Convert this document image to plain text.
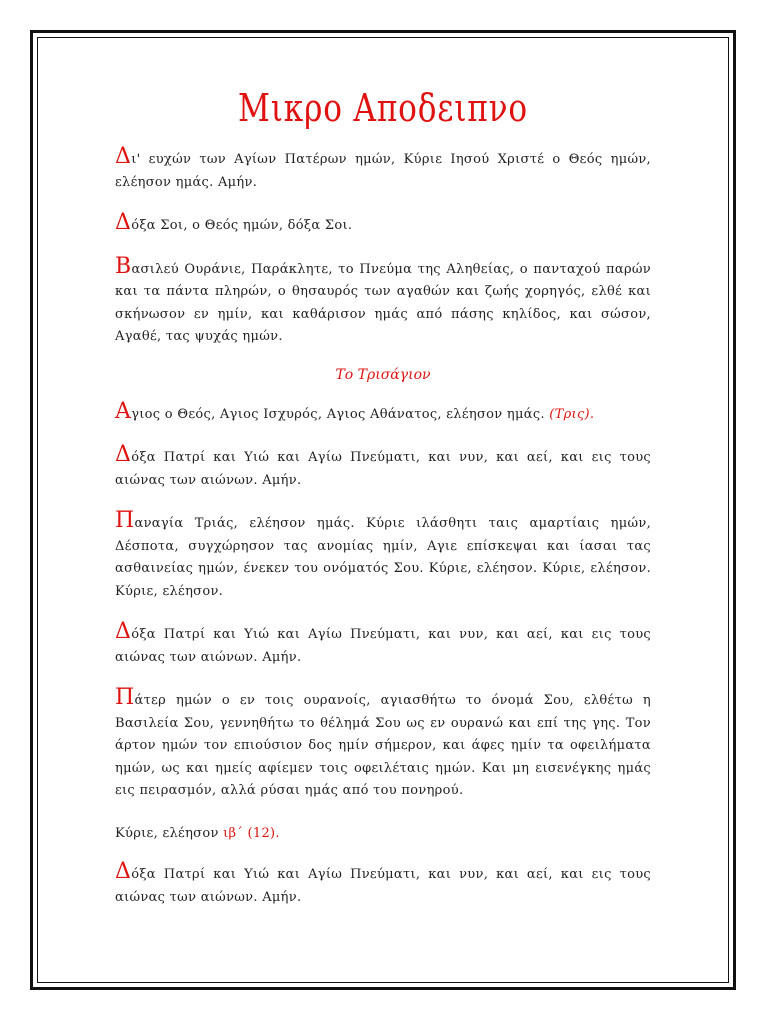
Μικρο Αποδειπνο

Δι' ευχών των Αγίων Πατέρων ημών, Κύριε Ιησού Χριστέ ο Θεός ημών, ελέησον ημάς. Αμήν.

Δόξα Σοι, ο Θεός ημών, δόξα Σοι.

Βασιλεύ Ουράνιε, Παράκλητε, το Πνεύμα της Αληθείας, ο πανταχού παρών και τα πάντα πληρών, ο θησαυρός των αγαθών και ζωής χορηγός, ελθέ και σκήνωσον εν ημίν, και καθάρισον ημάς από πάσης κηλίδος, και σώσον, Αγαθέ, τας ψυχάς ημών.

Το Τρισάγιον

Αγιος ο Θεός, Αγιος Ισχυρός, Αγιος Αθάνατος, ελέησον ημάς. (Τρις).

Δόξα Πατρί και Υιώ και Αγίω Πνεύματι, και νυν, και αεί, και εις τους αιώνας των αιώνων. Αμήν.

Παναγία Τριάς, ελέησον ημάς. Κύριε ιλάσθητι ταις αμαρτίαις ημών, Δέσποτα, συγχώρησον τας ανομίας ημίν, Αγιε επίσκεψαι και ίασαι τας ασθαινείας ημών, ένεκεν του ονόματός Σου. Κύριε, ελέησον. Κύριε, ελέησον. Κύριε, ελέησον.

Δόξα Πατρί και Υιώ και Αγίω Πνεύματι, και νυν, και αεί, και εις τους αιώνας των αιώνων. Αμήν.

Πάτερ ημών ο εν τοις ουρανοίς, αγιασθήτω το όνομά Σου, ελθέτω η Βασιλεία Σου, γεννηθήτω το θέλημά Σου ως εν ουρανώ και επί της γης. Τον άρτον ημών τον επιούσιον δος ημίν σήμερον, και άφες ημίν τα οφειλήματα ημών, ως και ημείς αφίεμεν τοις οφειλέταις ημών. Και μη εισενέγκης ημάς εις πειρασμόν, αλλά ρύσαι ημάς από του πονηρού.

Κύριε, ελέησον ιβ΄ (12).

Δόξα Πατρί και Υιώ και Αγίω Πνεύματι, και νυν, και αεί, και εις τους αιώνας των αιώνων. Αμήν.
